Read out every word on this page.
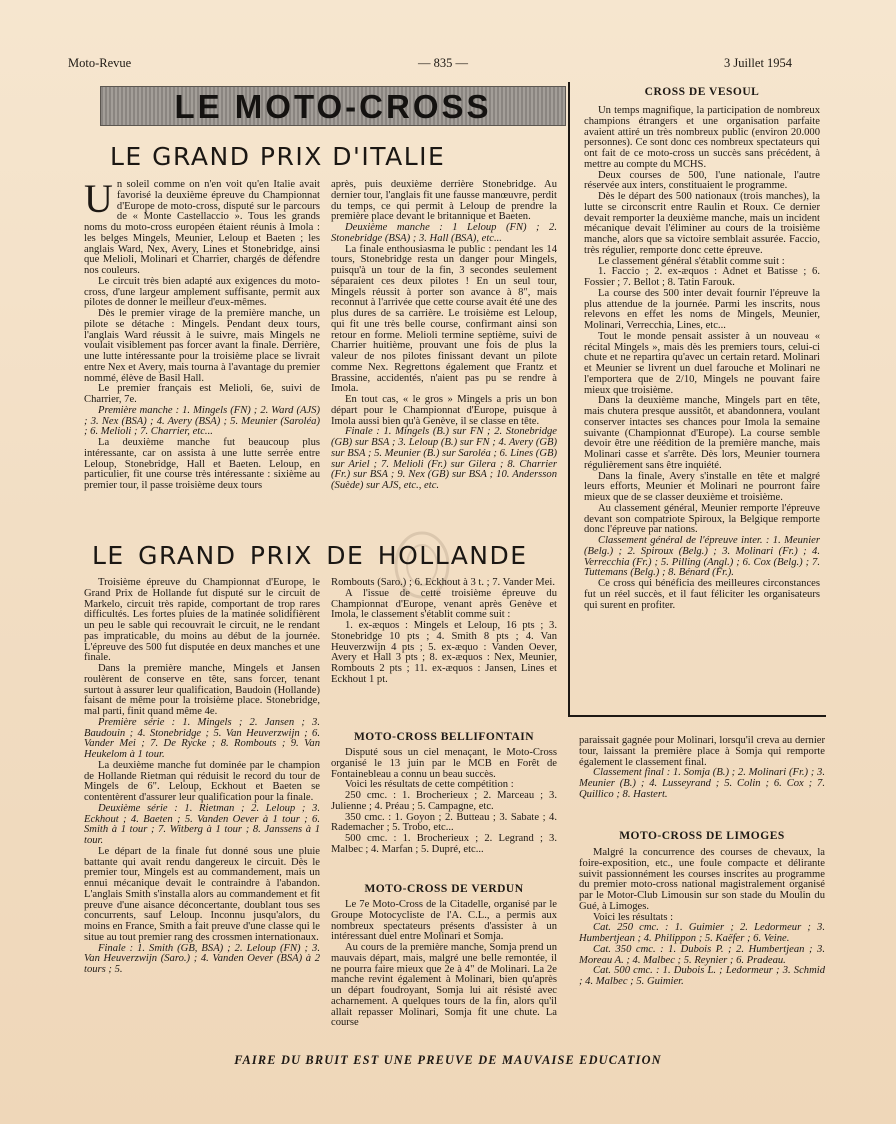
Moto-Revue	— 835 —	3 Juillet 1954
LE MOTO-CROSS
LE GRAND PRIX D'ITALIE

Un soleil comme on n'en voit qu'en Italie avait favorisé la deuxième épreuve du Championnat d'Europe de moto-cross, disputé sur le parcours de « Monte Castellaccio ». Tous les grands noms du moto-cross européen étaient réunis à Imola : les belges Mingels, Meunier, Leloup et Baeten ; les anglais Ward, Nex, Avery, Lines et Stonebridge, ainsi que Melioli, Molinari et Charrier, chargés de défendre nos couleurs.

Le circuit très bien adapté aux exigences du moto-cross, d'une largeur amplement suffisante, permit aux pilotes de donner le meilleur d'eux-mêmes.

Dès le premier virage de la première manche, un pilote se détache : Mingels. Pendant deux tours, l'anglais Ward réussit à le suivre, mais Mingels ne voulait visiblement pas forcer avant la finale. Derrière, une lutte intéressante pour la troisième place se livrait entre Nex et Avery, mais tourna à l'avantage du premier nommé, élève de Basil Hall.

Le premier français est Melioli, 6e, suivi de Charrier, 7e.

Première manche : 1. Mingels (FN) ; 2. Ward (AJS) ; 3. Nex (BSA) ; 4. Avery (BSA) ; 5. Meunier (Saroléa) ; 6. Melioli ; 7. Charrier, etc...

La deuxième manche fut beaucoup plus intéressante, car on assista à une lutte serrée entre Leloup, Stonebridge, Hall et Baeten. Leloup, en particulier, fit une course très intéressante : sixième au premier tour, il passe troisième deux tours

après, puis deuxième derrière Stonebridge. Au dernier tour, l'anglais fit une fausse manœuvre, perdit du temps, ce qui permit à Leloup de prendre la première place devant le britannique et Baeten.

Deuxième manche : 1 Leloup (FN) ; 2. Stonebridge (BSA) ; 3. Hall (BSA), etc...

La finale enthousiasma le public : pendant les 14 tours, Stonebridge resta un danger pour Mingels, puisqu'à un tour de la fin, 3 secondes seulement séparaient ces deux pilotes ! En un seul tour, Mingels réussit à porter son avance à 8", mais reconnut à l'arrivée que cette course avait été une des plus dures de sa carrière. Le troisième est Leloup, qui fit une très belle course, confirmant ainsi son retour en forme. Melioli termine septième, suivi de Charrier huitième, prouvant une fois de plus la valeur de nos pilotes finissant devant un pilote comme Nex. Regrettons également que Frantz et Brassine, accidentés, n'aient pas pu se rendre à Imola.

En tout cas, « le gros » Mingels a pris un bon départ pour le Championnat d'Europe, puisque à Imola aussi bien qu'à Genève, il se classe en tête.

Finale : 1. Mingels (B.) sur FN ; 2. Stonebridge (GB) sur BSA ; 3. Leloup (B.) sur FN ; 4. Avery (GB) sur BSA ; 5. Meunier (B.) sur Saroléa ; 6. Lines (GB) sur Ariel ; 7. Melioli (Fr.) sur Gilera ; 8. Charrier (Fr.) sur BSA ; 9. Nex (GB) sur BSA ; 10. Andersson (Suède) sur AJS, etc., etc.

LE GRAND PRIX DE HOLLANDE

Troisième épreuve du Championnat d'Europe, le Grand Prix de Hollande fut disputé sur le circuit de Markelo, circuit très rapide, comportant de trop rares difficultés. Les fortes pluies de la matinée solidifièrent un peu le sable qui recouvrait le circuit, ne le rendant pas impraticable, du moins au début de la journée. L'épreuve des 500 fut disputée en deux manches et une finale.

Dans la première manche, Mingels et Jansen roulèrent de conserve en tête, sans forcer, tenant surtout à assurer leur qualification, Baudoin (Hollande) faisant de même pour la troisième place. Stonebridge, mal parti, finit quand même 4e.

Première série : 1. Mingels ; 2. Jansen ; 3. Baudouin ; 4. Stonebridge ; 5. Van Heuverzwijn ; 6. Vander Mei ; 7. De Rycke ; 8. Rombouts ; 9. Van Heukelom à 1 tour.

La deuxième manche fut dominée par le champion de Hollande Rietman qui réduisit le record du tour de Mingels de 6". Leloup, Eckhout et Baeten se contentèrent d'assurer leur qualification pour la finale.

Deuxième série : 1. Rietman ; 2. Leloup ; 3. Eckhout ; 4. Baeten ; 5. Vanden Oever à 1 tour ; 6. Smith à 1 tour ; 7. Witberg à 1 tour ; 8. Janssens à 1 tour.

Le départ de la finale fut donné sous une pluie battante qui avait rendu dangereux le circuit. Dès le premier tour, Mingels est au commandement, mais un ennui mécanique devait le contraindre à l'abandon. L'anglais Smith s'installa alors au commandement et fit preuve d'une aisance déconcertante, doublant tous ses concurrents, sauf Leloup. Inconnu jusqu'alors, du moins en France, Smith a fait preuve d'une classe qui le situe au tout premier rang des crossmen internationaux.

Finale : 1. Smith (GB, BSA) ; 2. Leloup (FN) ; 3. Van Heuverzwijn (Saro.) ; 4. Vanden Oever (BSA) à 2 tours ; 5.

Rombouts (Saro.) ; 6. Eckhout à 3 t. ; 7. Vander Mei.

A l'issue de cette troisième épreuve du Championnat d'Europe, venant après Genève et Imola, le classement s'établit comme suit :

1. ex-æquos : Mingels et Leloup, 16 pts ; 3. Stonebridge 10 pts ; 4. Smith 8 pts ; 4. Van Heuverzwijn 4 pts ; 5. ex-æquo : Vanden Oever, Avery et Hall 3 pts ; 8. ex-æquos : Nex, Meunier, Rombouts 2 pts ; 11. ex-æquos : Jansen, Lines et Eckhout 1 pt.

MOTO-CROSS BELLIFONTAIN

Disputé sous un ciel menaçant, le Moto-Cross organisé le 13 juin par le MCB en Forêt de Fontainebleau a connu un beau succès.

Voici les résultats de cette compétition :

250 cmc. : 1. Brocherieux ; 2. Marceau ; 3. Julienne ; 4. Préau ; 5. Campagne, etc.

350 cmc. : 1. Goyon ; 2. Butteau ; 3. Sabate ; 4. Rademacher ; 5. Trobo, etc...

500 cmc. : 1. Brocherieux ; 2. Legrand ; 3. Malbec ; 4. Marfan ; 5. Dupré, etc...

MOTO-CROSS DE VERDUN

Le 7e Moto-Cross de la Citadelle, organisé par le Groupe Motocycliste de l'A. C.L., a permis aux nombreux spectateurs présents d'assister à un intéressant duel entre Molinari et Somja.

Au cours de la première manche, Somja prend un mauvais départ, mais, malgré une belle remontée, il ne pourra faire mieux que 2e à 4" de Molinari. La 2e manche revint également à Molinari, bien qu'après un départ foudroyant, Somja lui ait résisté avec acharnement. A quelques tours de la fin, alors qu'il allait repasser Molinari, Somja fit une chute. La course

paraissait gagnée pour Molinari, lorsqu'il creva au dernier tour, laissant la première place à Somja qui remporte également le classement final.

Classement final : 1. Somja (B.) ; 2. Molinari (Fr.) ; 3. Meunier (B.) ; 4. Lusseyrand ; 5. Colin ; 6. Cox ; 7. Quillico ; 8. Hastert.

MOTO-CROSS DE LIMOGES

Malgré la concurrence des courses de chevaux, la foire-exposition, etc., une foule compacte et délirante suivit passionnément les courses inscrites au programme du premier moto-cross national magistralement organisé par le Motor-Club Limousin sur son stade du Moulin du Gué, à Limoges.

Voici les résultats :

Cat. 250 cmc. : 1. Guimier ; 2. Ledormeur ; 3. Humbertjean ; 4. Philippon ; 5. Kaëfer ; 6. Veine.

Cat. 350 cmc. : 1. Dubois P. ; 2. Humbertjean ; 3. Moreau A. ; 4. Malbec ; 5. Reynier ; 6. Pradeau.

Cat. 500 cmc. : 1. Dubois L. ; Ledormeur ; 3. Schmid ; 4. Malbec ; 5. Guimier.

CROSS DE VESOUL

Un temps magnifique, la participation de nombreux champions étrangers et une organisation parfaite avaient attiré un très nombreux public (environ 20.000 personnes). Ce sont donc ces nombreux spectateurs qui ont fait de ce moto-cross un succès sans précédent, à mettre au compte du MCHS.

Deux courses de 500, l'une nationale, l'autre réservée aux inters, constituaient le programme.

Dès le départ des 500 nationaux (trois manches), la lutte se circonscrit entre Raulin et Roux. Ce dernier devait remporter la deuxième manche, mais un incident mécanique devait l'éliminer au cours de la troisième manche, alors que sa victoire semblait assurée. Faccio, très régulier, remporte donc cette épreuve.

Le classement général s'établit comme suit :

1. Faccio ; 2. ex-æquos : Adnet et Batisse ; 6. Fossier ; 7. Bellot ; 8. Tatin Farouk.

La course des 500 inter devait fournir l'épreuve la plus attendue de la journée. Parmi les inscrits, nous relevons en effet les noms de Mingels, Meunier, Molinari, Verrecchia, Lines, etc...

Tout le monde pensait assister à un nouveau « récital Mingels », mais dès les premiers tours, celui-ci chute et ne repartira qu'avec un certain retard. Molinari et Meunier se livrent un duel farouche et Molinari ne l'emportera que de 2/10, Mingels ne pouvant faire mieux que troisième.

Dans la deuxième manche, Mingels part en tête, mais chutera presque aussitôt, et abandonnera, voulant conserver intactes ses chances pour Imola la semaine suivante (Championnat d'Europe). La course semble devoir être une réédition de la première manche, mais Molinari casse et s'arrête. Dès lors, Meunier tournera régulièrement sans être inquiété.

Dans la finale, Avery s'installe en tête et malgré leurs efforts, Meunier et Molinari ne pourront faire mieux que de se classer deuxième et troisième.

Au classement général, Meunier remporte l'épreuve devant son compatriote Spiroux, la Belgique remporte donc l'épreuve par nations.

Classement général de l'épreuve inter. : 1. Meunier (Belg.) ; 2. Spiroux (Belg.) ; 3. Molinari (Fr.) ; 4. Verrecchia (Fr.) ; 5. Pilling (Angl.) ; 6. Cox (Belg.) ; 7. Tuttemans (Belg.) ; 8. Bénard (Fr.).

Ce cross qui bénéficia des meilleures circonstances fut un réel succès, et il faut féliciter les organisateurs qui surent en profiter.

FAIRE DU BRUIT EST UNE PREUVE DE MAUVAISE EDUCATION
